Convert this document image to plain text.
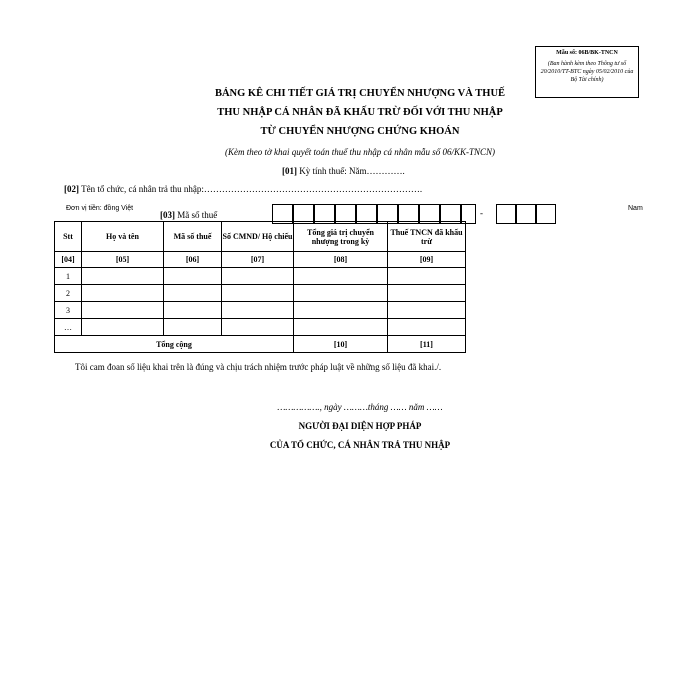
Mẫu số: 06B/BK-TNCN
(Ban hành kèm theo Thông tư số 20/2010/TT-BTC ngày 05/02/2010 của Bộ Tài chính)
BẢNG KÊ CHI TIẾT GIÁ TRỊ CHUYỂN NHƯỢNG VÀ THUẾ
THU NHẬP CÁ NHÂN ĐÃ KHẤU TRỪ ĐỐI VỚI THU NHẬP
TỪ CHUYỂN NHƯỢNG CHỨNG KHOÁN
(Kèm theo tờ khai quyết toán thuế thu nhập cá nhân mẫu số 06/KK-TNCN)
[01] Kỳ tính thuế: Năm………….
[02] Tên tổ chức, cá nhân trả thu nhập:……………………………………………………………….
Đơn vị tiền: đồng Việt
[03] Mã số thuế	-	Nam
Stt	Họ và tên	Mã số thuế	Số CMND/ Hộ chiếu	Tổng giá trị chuyển nhượng trong kỳ	Thuế TNCN đã khấu trừ
[04]	[05]	[06]	[07]	[08]	[09]
1					
2					
3					
…					
Tổng cộng				[10]	[11]
Tôi cam đoan số liệu khai trên là đúng và chịu trách nhiệm trước pháp luật về những số liệu đã khai./.
……………., ngày ………tháng …… năm ……
NGƯỜI ĐẠI DIỆN HỢP PHÁP
CỦA TỔ CHỨC, CÁ NHÂN TRẢ THU NHẬP
